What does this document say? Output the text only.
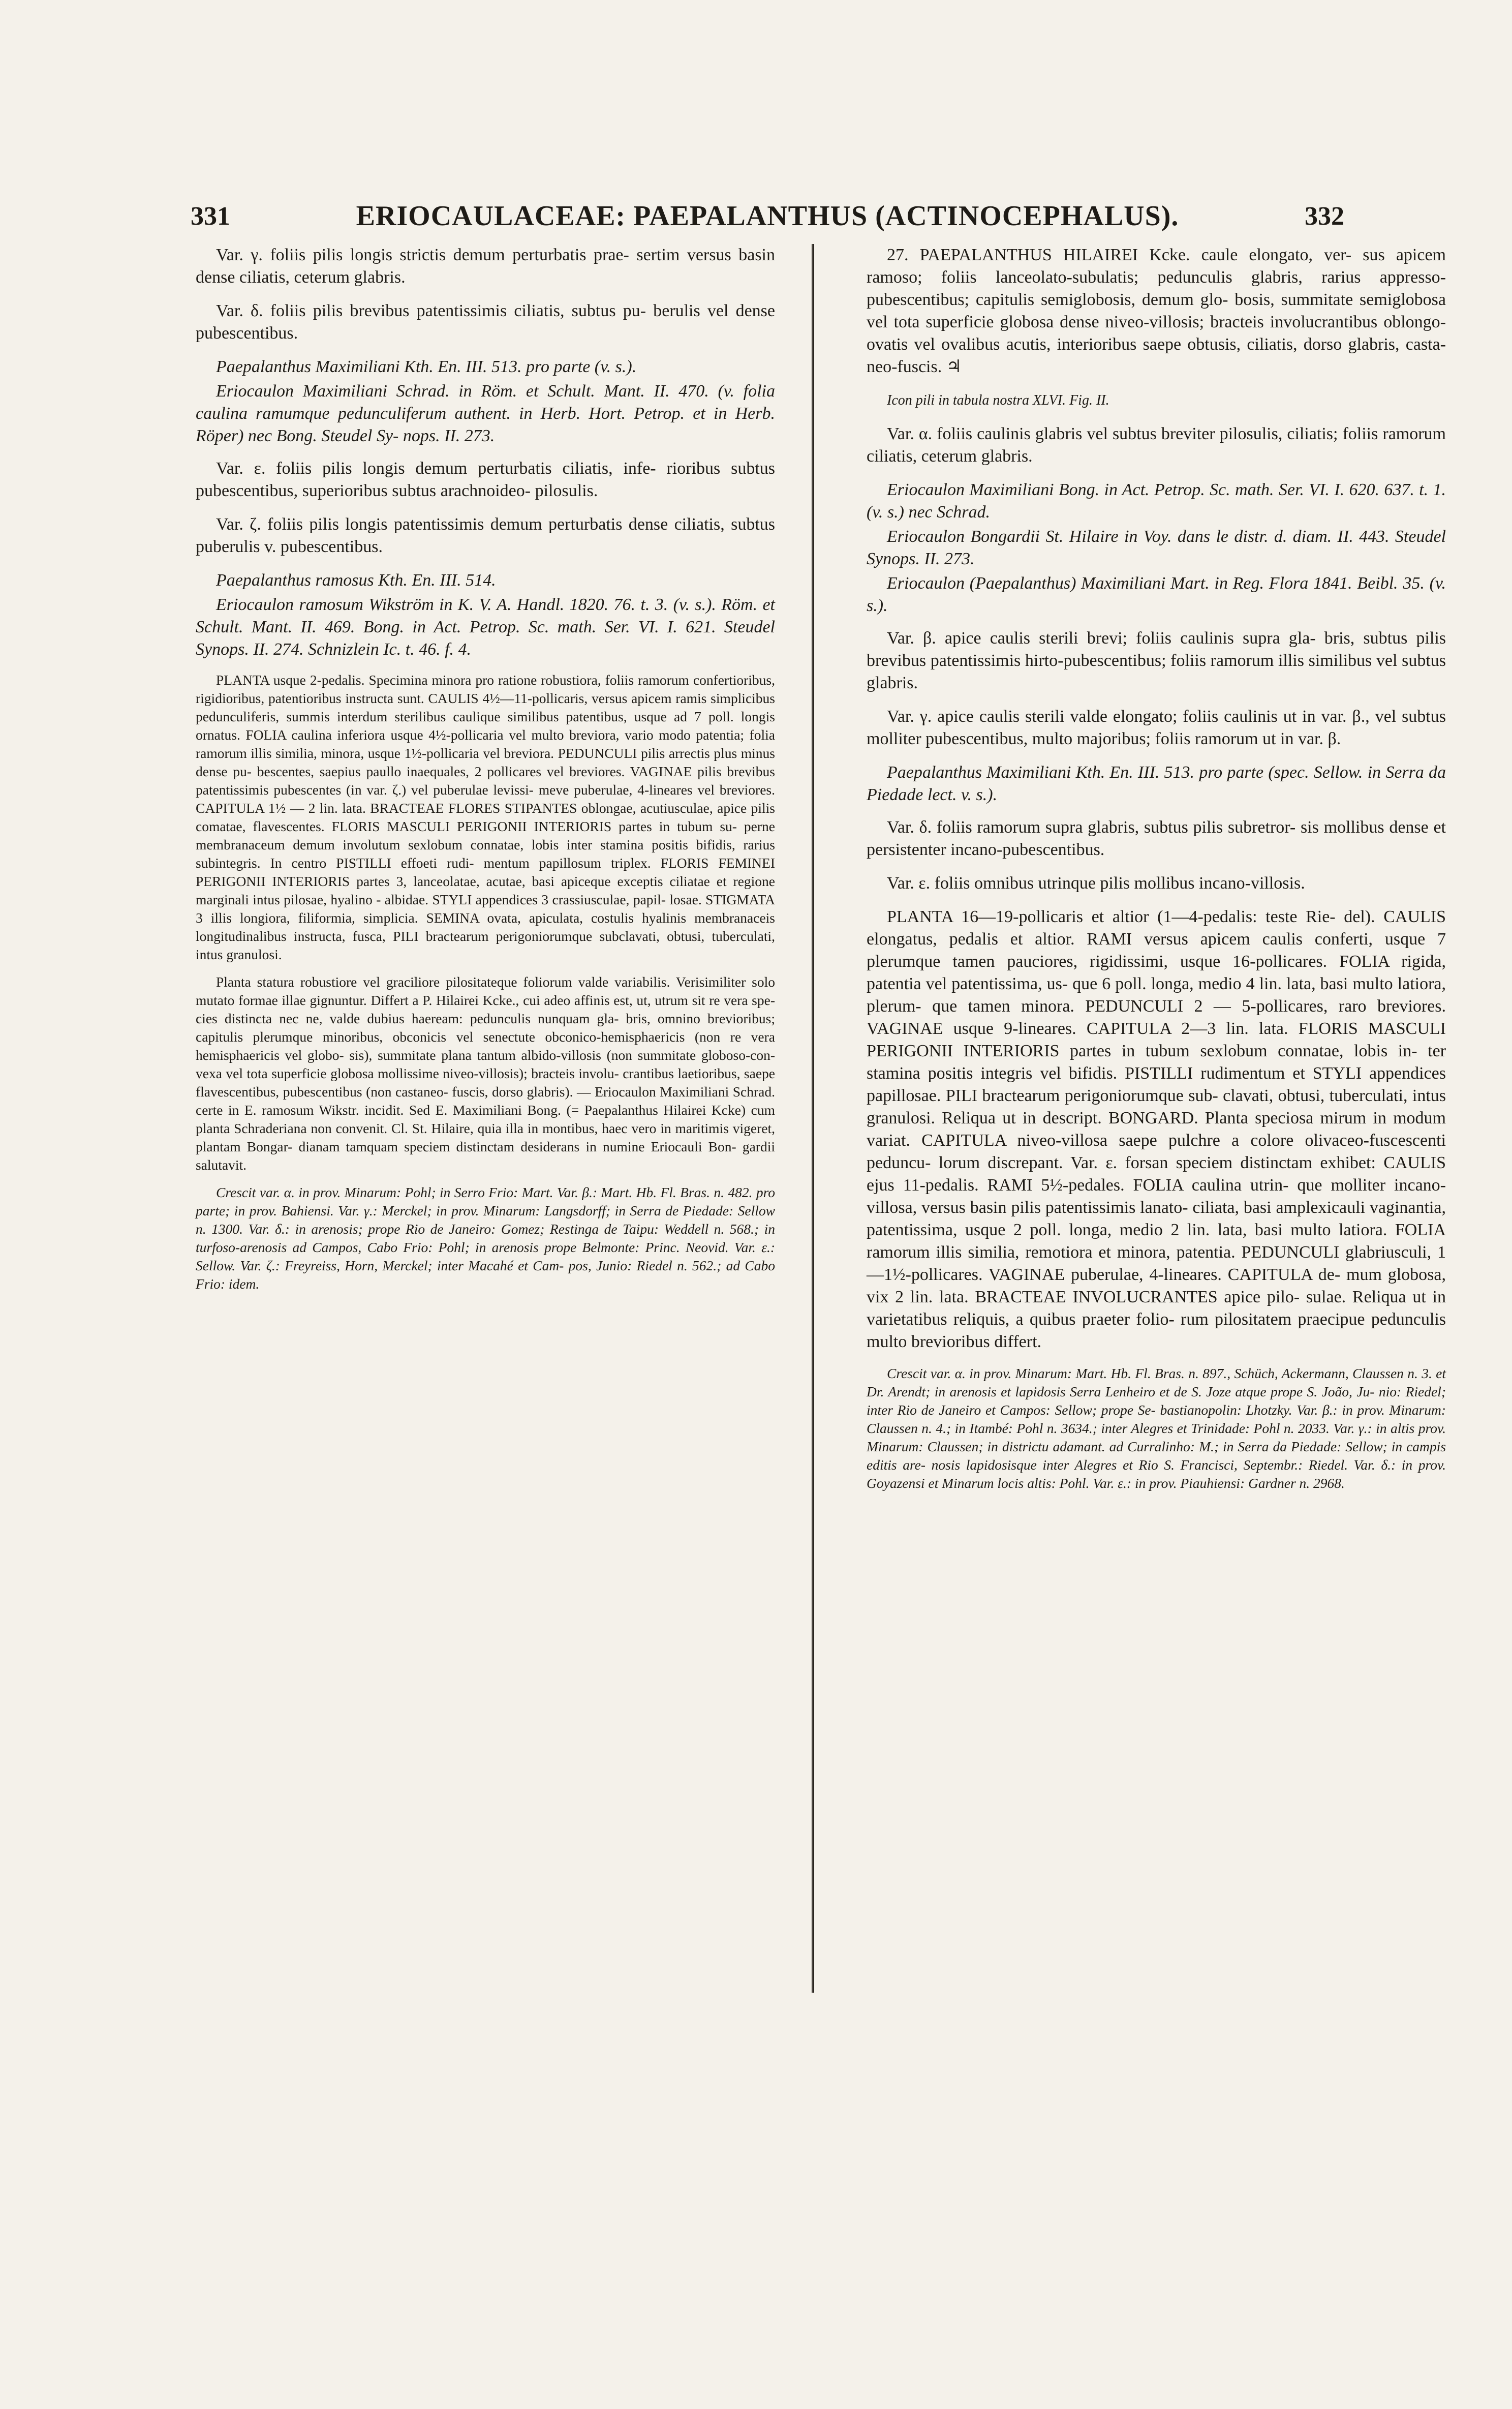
331	ERIOCAULACEAE: PAEPALANTHUS (ACTINOCEPHALUS).	332

Var. γ. foliis pilis longis strictis demum perturbatis prae- sertim versus basin dense ciliatis, ceterum glabris.

Var. δ. foliis pilis brevibus patentissimis ciliatis, subtus pu- berulis vel dense pubescentibus.

Paepalanthus Maximiliani Kth. En. III. 513. pro parte (v. s.).

Eriocaulon Maximiliani Schrad. in Röm. et Schult. Mant. II. 470. (v. folia caulina ramumque pedunculiferum authent. in Herb. Hort. Petrop. et in Herb. Röper) nec Bong. Steudel Sy- nops. II. 273.

Var. ε. foliis pilis longis demum perturbatis ciliatis, infe- rioribus subtus pubescentibus, superioribus subtus arachnoideo- pilosulis.

Var. ζ. foliis pilis longis patentissimis demum perturbatis dense ciliatis, subtus puberulis v. pubescentibus.

Paepalanthus ramosus Kth. En. III. 514.

Eriocaulon ramosum Wikström in K. V. A. Handl. 1820. 76. t. 3. (v. s.). Röm. et Schult. Mant. II. 469. Bong. in Act. Petrop. Sc. math. Ser. VI. I. 621. Steudel Synops. II. 274. Schnizlein Ic. t. 46. f. 4.

PLANTA usque 2-pedalis. Specimina minora pro ratione robustiora, foliis ramorum confertioribus, rigidioribus, patentioribus instructa sunt. CAULIS 4½—11-pollicaris, versus apicem ramis simplicibus pedunculiferis, summis interdum sterilibus caulique similibus patentibus, usque ad 7 poll. longis ornatus. FOLIA caulina inferiora usque 4½-pollicaria vel multo breviora, vario modo patentia; folia ramorum illis similia, minora, usque 1½-pollicaria vel breviora. PEDUNCULI pilis arrectis plus minus dense pu- bescentes, saepius paullo inaequales, 2 pollicares vel breviores. VAGINAE pilis brevibus patentissimis pubescentes (in var. ζ.) vel puberulae levissi- meve puberulae, 4-lineares vel breviores. CAPITULA 1½ — 2 lin. lata. BRACTEAE FLORES STIPANTES oblongae, acutiusculae, apice pilis comatae, flavescentes. FLORIS MASCULI PERIGONII INTERIORIS partes in tubum su- perne membranaceum demum involutum sexlobum connatae, lobis inter stamina positis bifidis, rarius subintegris. In centro PISTILLI effoeti rudi- mentum papillosum triplex. FLORIS FEMINEI PERIGONII INTERIORIS partes 3, lanceolatae, acutae, basi apiceque exceptis ciliatae et regione marginali intus pilosae, hyalino - albidae. STYLI appendices 3 crassiusculae, papil- losae. STIGMATA 3 illis longiora, filiformia, simplicia. SEMINA ovata, apiculata, costulis hyalinis membranaceis longitudinalibus instructa, fusca, PILI bractearum perigoniorumque subclavati, obtusi, tuberculati, intus granulosi.

Planta statura robustiore vel graciliore pilositateque foliorum valde variabilis. Verisimiliter solo mutato formae illae gignuntur. Differt a P. Hilairei Kcke., cui adeo affinis est, ut, utrum sit re vera spe- cies distincta nec ne, valde dubius haeream: pedunculis nunquam gla- bris, omnino brevioribus; capitulis plerumque minoribus, obconicis vel senectute obconico-hemisphaericis (non re vera hemisphaericis vel globo- sis), summitate plana tantum albido-villosis (non summitate globoso-con- vexa vel tota superficie globosa mollissime niveo-villosis); bracteis involu- crantibus laetioribus, saepe flavescentibus, pubescentibus (non castaneo- fuscis, dorso glabris). — Eriocaulon Maximiliani Schrad. certe in E. ramosum Wikstr. incidit. Sed E. Maximiliani Bong. (= Paepalanthus Hilairei Kcke) cum planta Schraderiana non convenit. Cl. St. Hilaire, quia illa in montibus, haec vero in maritimis vigeret, plantam Bongar- dianam tamquam speciem distinctam desiderans in numine Eriocauli Bon- gardii salutavit.

Crescit var. α. in prov. Minarum: Pohl; in Serro Frio: Mart. Var. β.: Mart. Hb. Fl. Bras. n. 482. pro parte; in prov. Bahiensi. Var. γ.: Merckel; in prov. Minarum: Langsdorff; in Serra de Piedade: Sellow n. 1300. Var. δ.: in arenosis; prope Rio de Janeiro: Gomez; Restinga de Taipu: Weddell n. 568.; in turfoso-arenosis ad Campos, Cabo Frio: Pohl; in arenosis prope Belmonte: Princ. Neovid. Var. ε.: Sellow. Var. ζ.: Freyreiss, Horn, Merckel; inter Macahé et Cam- pos, Junio: Riedel n. 562.; ad Cabo Frio: idem.

27. PAEPALANTHUS HILAIREI Kcke. caule elongato, ver- sus apicem ramoso; foliis lanceolato-subulatis; pedunculis glabris, rarius appresso-pubescentibus; capitulis semiglobosis, demum glo- bosis, summitate semiglobosa vel tota superficie globosa dense niveo-villosis; bracteis involucrantibus oblongo-ovatis vel ovalibus acutis, interioribus saepe obtusis, ciliatis, dorso glabris, casta- neo-fuscis. ♃

Icon pili in tabula nostra XLVI. Fig. II.

Var. α. foliis caulinis glabris vel subtus breviter pilosulis, ciliatis; foliis ramorum ciliatis, ceterum glabris.

Eriocaulon Maximiliani Bong. in Act. Petrop. Sc. math. Ser. VI. I. 620. 637. t. 1. (v. s.) nec Schrad.

Eriocaulon Bongardii St. Hilaire in Voy. dans le distr. d. diam. II. 443. Steudel Synops. II. 273.

Eriocaulon (Paepalanthus) Maximiliani Mart. in Reg. Flora 1841. Beibl. 35. (v. s.).

Var. β. apice caulis sterili brevi; foliis caulinis supra gla- bris, subtus pilis brevibus patentissimis hirto-pubescentibus; foliis ramorum illis similibus vel subtus glabris.

Var. γ. apice caulis sterili valde elongato; foliis caulinis ut in var. β., vel subtus molliter pubescentibus, multo majoribus; foliis ramorum ut in var. β.

Paepalanthus Maximiliani Kth. En. III. 513. pro parte (spec. Sellow. in Serra da Piedade lect. v. s.).

Var. δ. foliis ramorum supra glabris, subtus pilis subretror- sis mollibus dense et persistenter incano-pubescentibus.

Var. ε. foliis omnibus utrinque pilis mollibus incano-villosis.

PLANTA 16—19-pollicaris et altior (1—4-pedalis: teste Rie- del). CAULIS elongatus, pedalis et altior. RAMI versus apicem caulis conferti, usque 7 plerumque tamen pauciores, rigidissimi, usque 16-pollicares. FOLIA rigida, patentia vel patentissima, us- que 6 poll. longa, medio 4 lin. lata, basi multo latiora, plerum- que tamen minora. PEDUNCULI 2 — 5-pollicares, raro breviores. VAGINAE usque 9-lineares. CAPITULA 2—3 lin. lata. FLORIS MASCULI PERIGONII INTERIORIS partes in tubum sexlobum connatae, lobis in- ter stamina positis integris vel bifidis. PISTILLI rudimentum et STYLI appendices papillosae. PILI bractearum perigoniorumque sub- clavati, obtusi, tuberculati, intus granulosi. Reliqua ut in descript. BONGARD. Planta speciosa mirum in modum variat. CAPITULA niveo-villosa saepe pulchre a colore olivaceo-fuscescenti peduncu- lorum discrepant. Var. ε. forsan speciem distinctam exhibet: CAULIS ejus 11-pedalis. RAMI 5½-pedales. FOLIA caulina utrin- que molliter incano-villosa, versus basin pilis patentissimis lanato- ciliata, basi amplexicauli vaginantia, patentissima, usque 2 poll. longa, medio 2 lin. lata, basi multo latiora. FOLIA ramorum illis similia, remotiora et minora, patentia. PEDUNCULI glabriusculi, 1—1½-pollicares. VAGINAE puberulae, 4-lineares. CAPITULA de- mum globosa, vix 2 lin. lata. BRACTEAE INVOLUCRANTES apice pilo- sulae. Reliqua ut in varietatibus reliquis, a quibus praeter folio- rum pilositatem praecipue pedunculis multo brevioribus differt.

Crescit var. α. in prov. Minarum: Mart. Hb. Fl. Bras. n. 897., Schüch, Ackermann, Claussen n. 3. et Dr. Arendt; in arenosis et lapidosis Serra Lenheiro et de S. Joze atque prope S. João, Ju- nio: Riedel; inter Rio de Janeiro et Campos: Sellow; prope Se- bastianopolin: Lhotzky. Var. β.: in prov. Minarum: Claussen n. 4.; in Itambé: Pohl n. 3634.; inter Alegres et Trinidade: Pohl n. 2033. Var. γ.: in altis prov. Minarum: Claussen; in districtu adamant. ad Curralinho: M.; in Serra da Piedade: Sellow; in campis editis are- nosis lapidosisque inter Alegres et Rio S. Francisci, Septembr.: Riedel. Var. δ.: in prov. Goyazensi et Minarum locis altis: Pohl. Var. ε.: in prov. Piauhiensi: Gardner n. 2968.
